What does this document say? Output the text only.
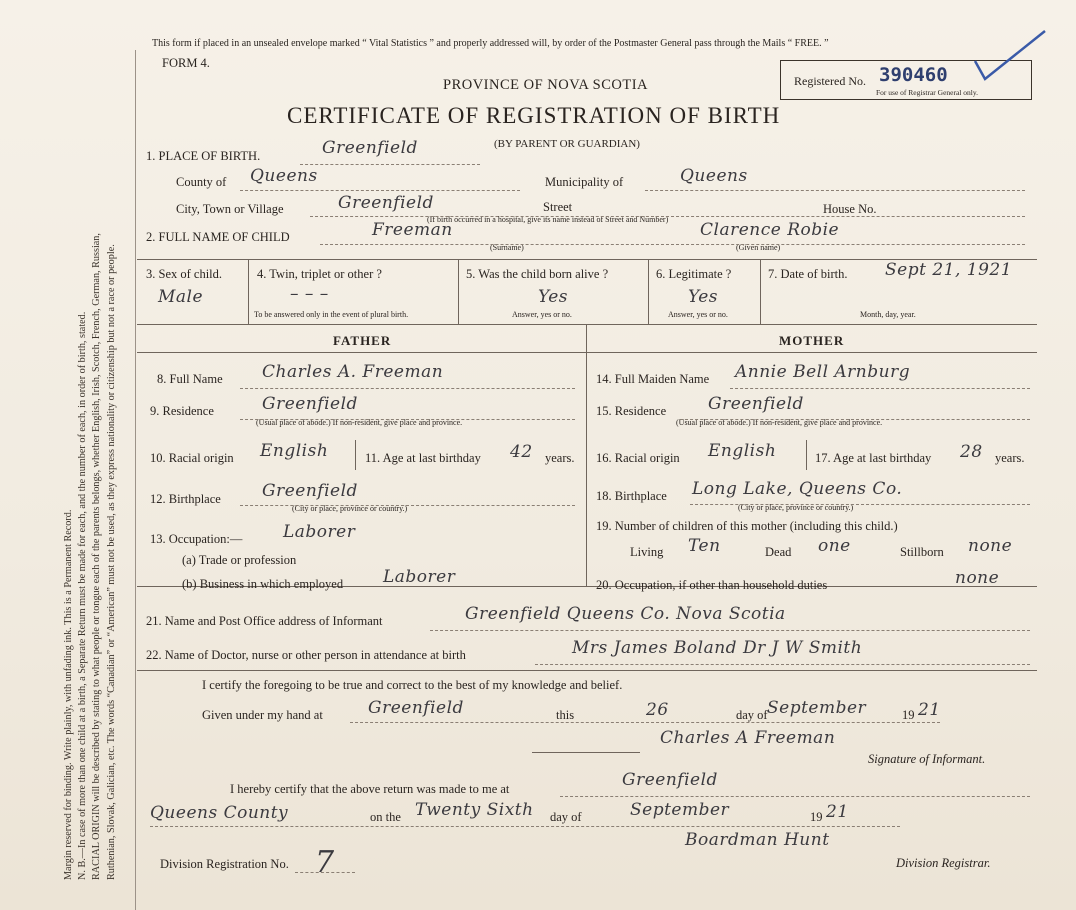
Margin reserved for binding. Write plainly, with unfading ink. This is a Permanent Record. N. B.—In case of more than one child at a birth, a Separate Return must be made for each, and the number of each, in order of birth, stated. RACIAL ORIGIN will be described by stating to what people or tongue each of the parents belongs, whether English, Irish, Scotch, French, German, Russian, Ruthenian, Slovak, Galician, etc. The words “Canadian” or “American” must not be used, as they express nationality or citizenship but not a race or people.
This form if placed in an unsealed envelope marked “ Vital Statistics ” and properly addressed will, by order of the Postmaster General pass through the Mails “ FREE. ”
FORM 4.
PROVINCE OF NOVA SCOTIA
CERTIFICATE OF REGISTRATION OF BIRTH
(BY PARENT OR GUARDIAN)
Registered No. 390460
For use of Registrar General only.
1. PLACE OF BIRTH.	Greenfield
County of Queens	Municipality of	Queens
City, Town or Village	Greenfield	Street	House No.
(If birth occurred in a hospital, give its name instead of Street and Number)
2. FULL NAME OF CHILD	Freeman
(Surname)
Clarence Robie
(Given name)
3. Sex of child.
Male
4. Twin, triplet or other ?
– – –
To be answered only in the event of plural birth.
5. Was the child born alive ?
Yes
Answer, yes or no.
6. Legitimate ?
Yes
Answer, yes or no.
7. Date of birth. Sept 21, 1921
Month, day, year.
FATHER	MOTHER
8. Full Name Charles A. Freeman
9. Residence	Greenfield
(Usual place of abode.) If non-resident, give place and province.
10. Racial origin English	11. Age at last birthday 42 years.
12. Birthplace Greenfield
(City or place, province or country.)
13. Occupation:— Laborer
(a) Trade or profession
(b) Business in which employed Laborer
14. Full Maiden Name Annie Bell Arnburg
15. Residence Greenfield
(Usual place of abode.) If non-resident, give place and province.
16. Racial origin English	17. Age at last birthday 28 years.
18. Birthplace Long Lake, Queens Co.
(City or place, province or country.)
19. Number of children of this mother (including this child.)
Living Ten	Dead one	Stillborn none
20. Occupation, if other than household duties	none
21. Name and Post Office address of Informant	Greenfield Queens Co. Nova Scotia
22. Name of Doctor, nurse or other person in attendance at birth	Mrs James Boland Dr J W Smith
I certify the foregoing to be true and correct to the best of my knowledge and belief.
Given under my hand at	Greenfield	this	26	day of September	19 21
Charles A Freeman
Signature of Informant.
I hereby certify that the above return was made to me at	Greenfield
Queens County	on the Twenty Sixth day of	September	19 21
Boardman Hunt
Division Registrar.
Division Registration No. 7
